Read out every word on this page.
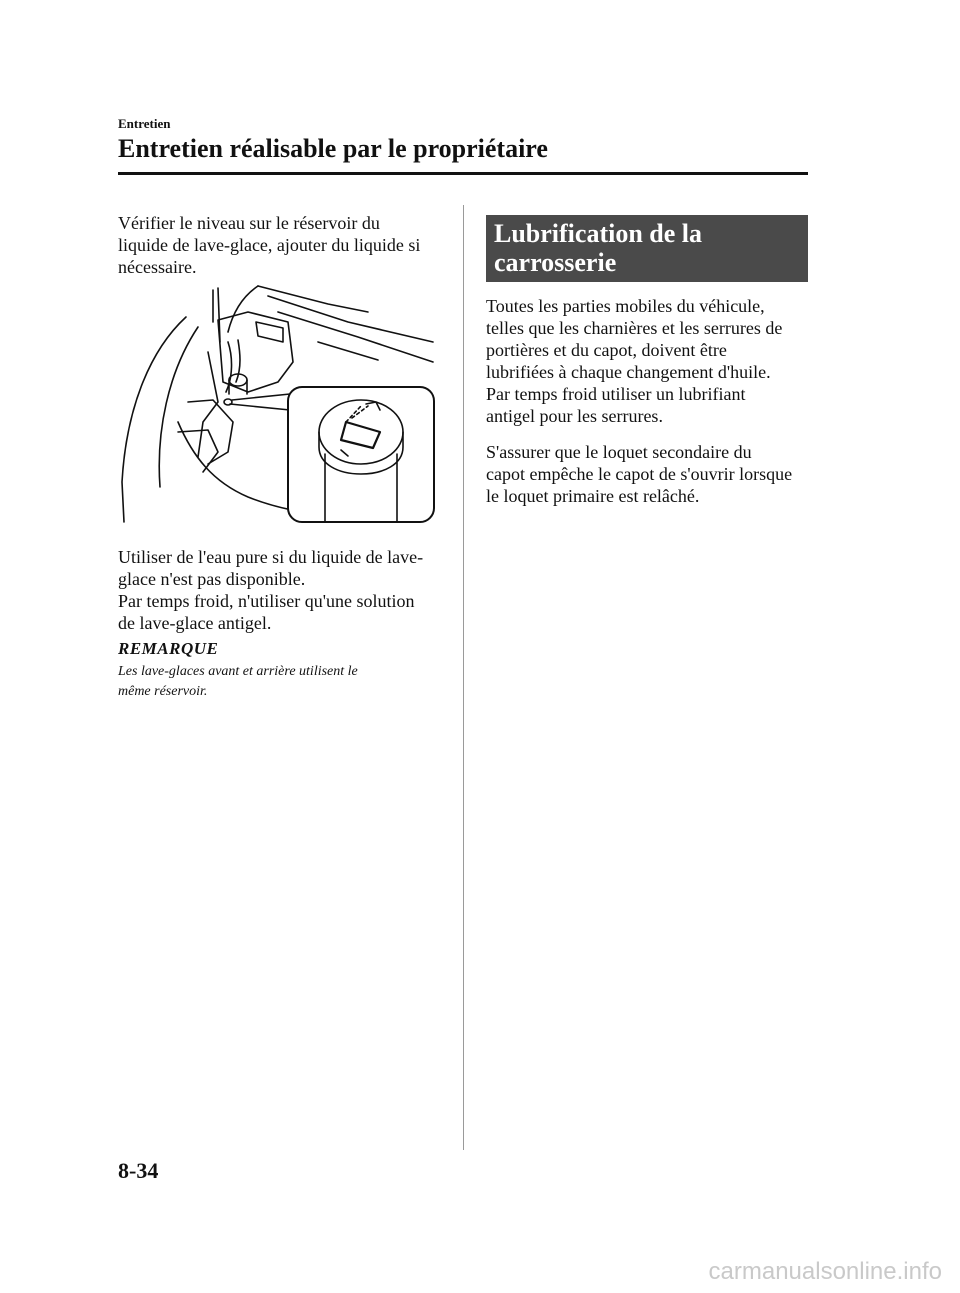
Entretien
Entretien réalisable par le propriétaire

Vérifier le niveau sur le réservoir du
liquide de lave-glace, ajouter du liquide si
nécessaire.

Utiliser de l'eau pure si du liquide de lave-
glace n'est pas disponible.
Par temps froid, n'utiliser qu'une solution
de lave-glace antigel.

REMARQUE

Les lave-glaces avant et arrière utilisent le
même réservoir.

Lubrification de la
carrosserie

Toutes les parties mobiles du véhicule,
telles que les charnières et les serrures de
portières et du capot, doivent être
lubrifiées à chaque changement d'huile.
Par temps froid utiliser un lubrifiant
antigel pour les serrures.

S'assurer que le loquet secondaire du
capot empêche le capot de s'ouvrir lorsque
le loquet primaire est relâché.

8-34
carmanualsonline.info
